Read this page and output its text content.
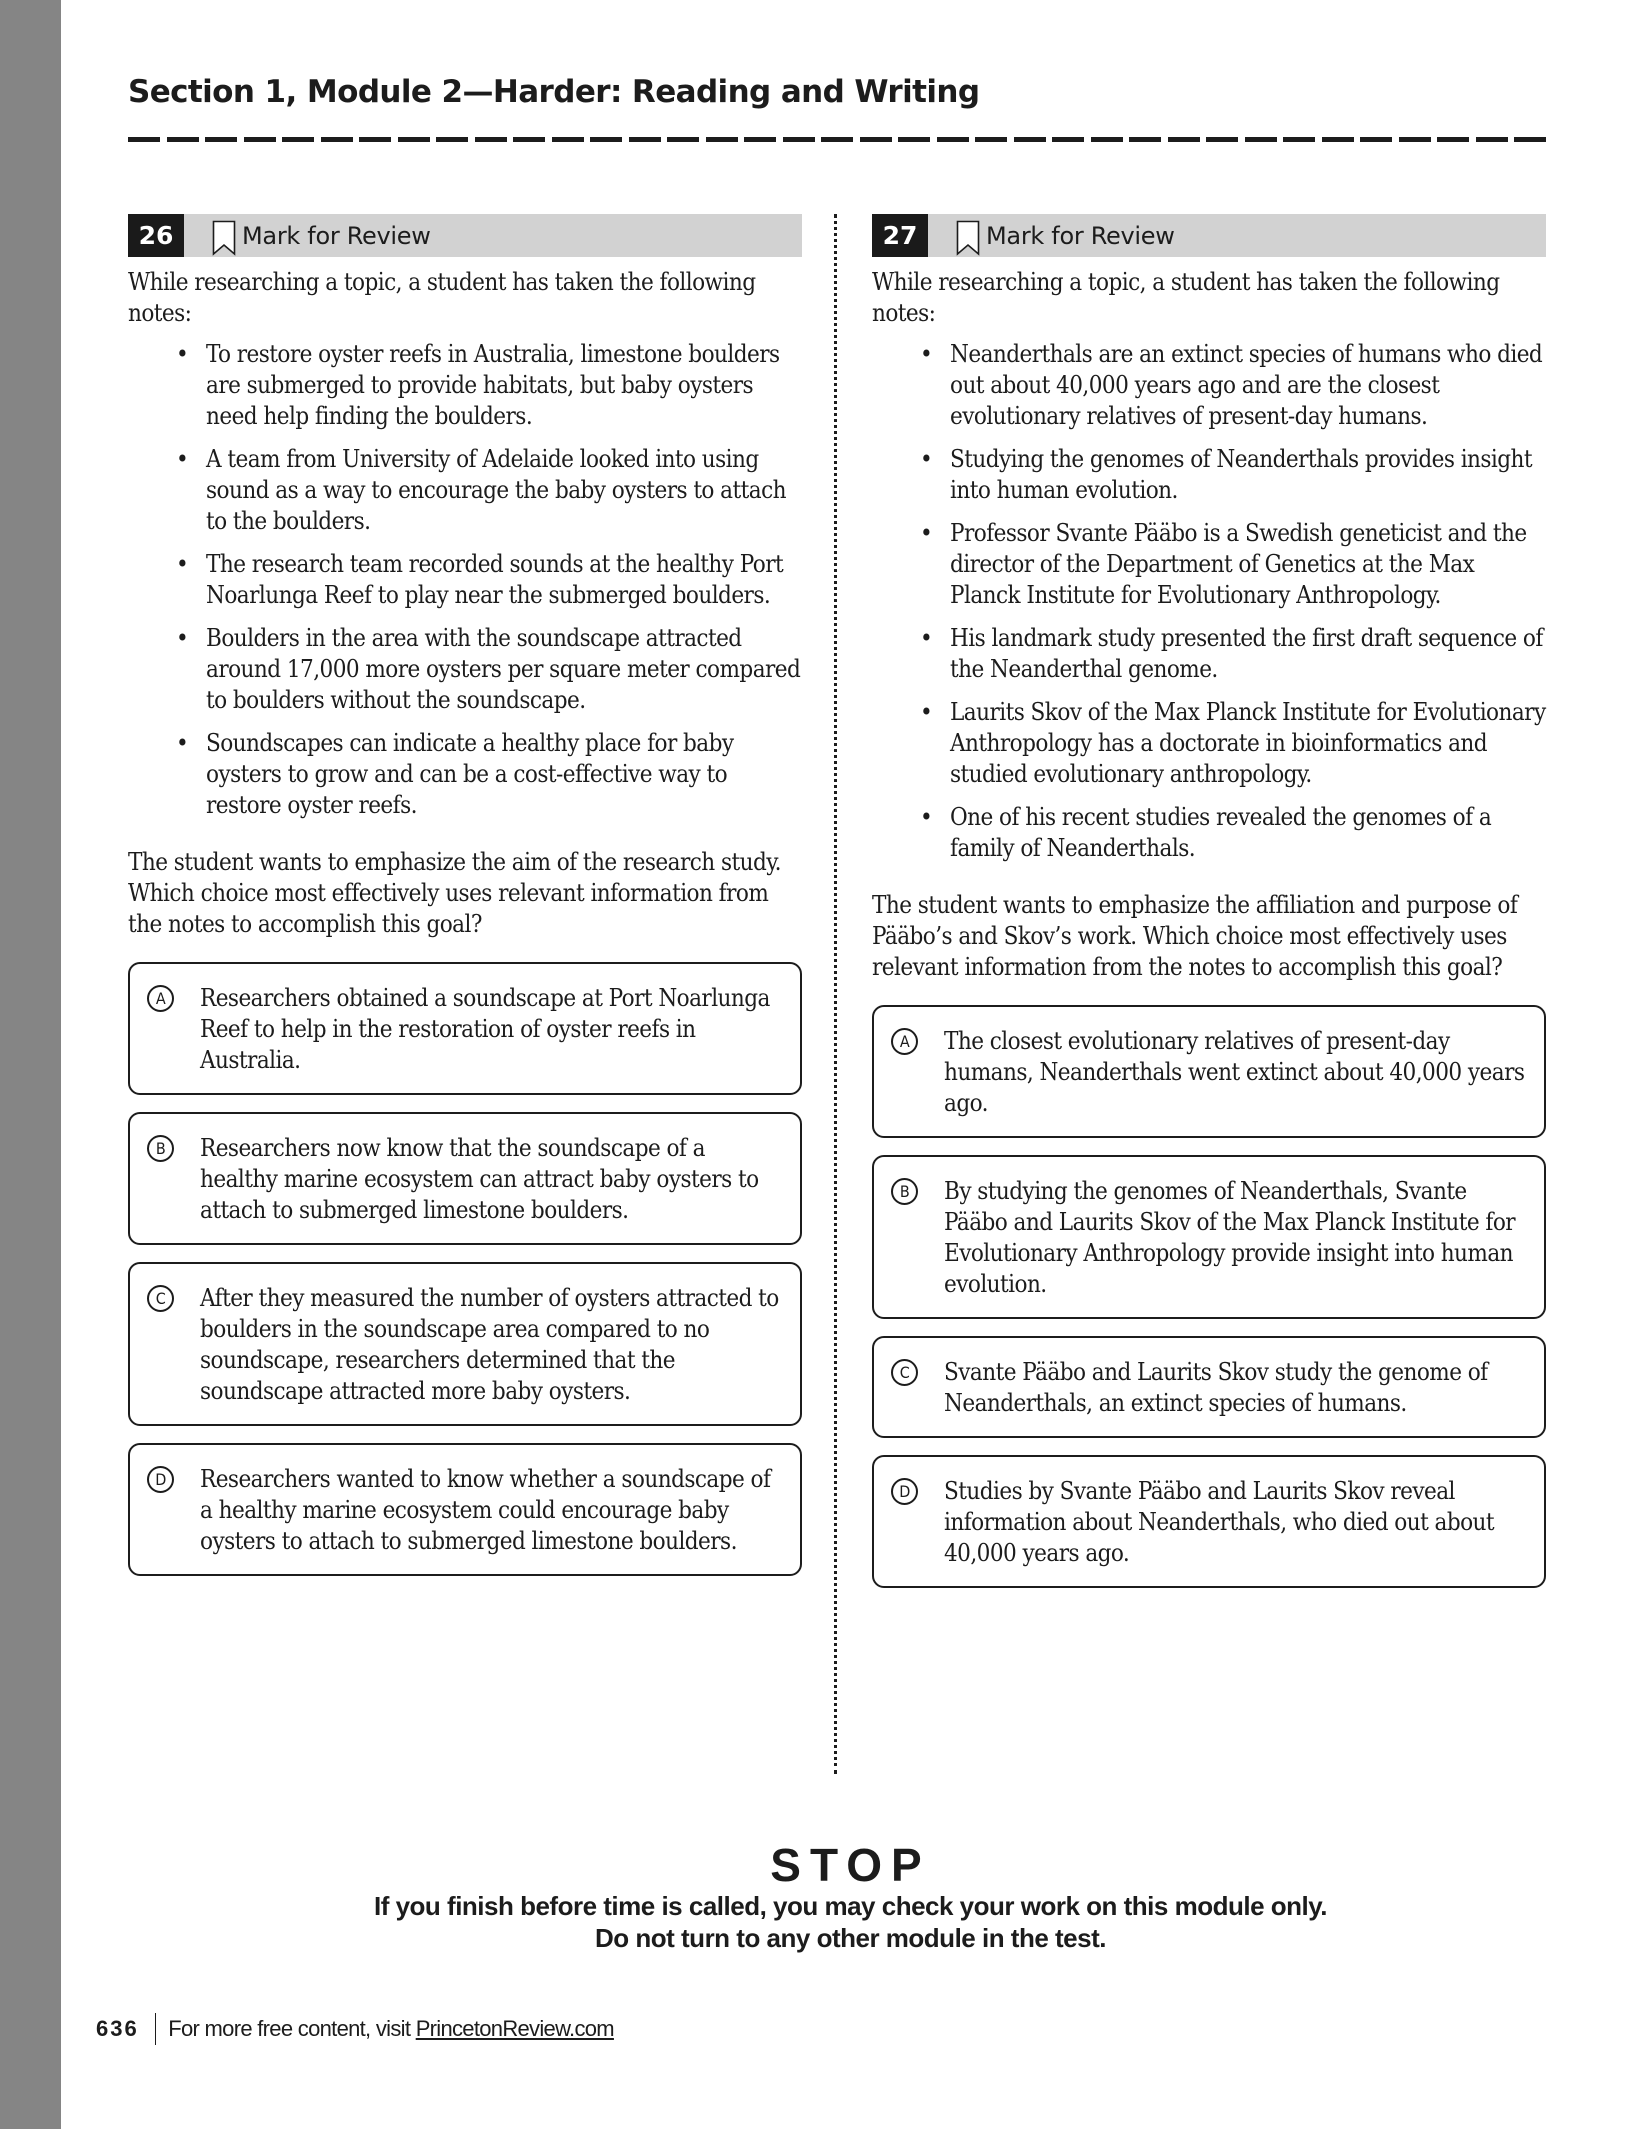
Section 1, Module 2—Harder: Reading and Writing
26	Mark for Review
While researching a topic, a student has taken the following notes:
• To restore oyster reefs in Australia, limestone boulders are submerged to provide habitats, but baby oysters need help finding the boulders.
• A team from University of Adelaide looked into using sound as a way to encourage the baby oysters to attach to the boulders.
• The research team recorded sounds at the healthy Port Noarlunga Reef to play near the submerged boulders.
• Boulders in the area with the soundscape attracted around 17,000 more oysters per square meter compared to boulders without the soundscape.
• Soundscapes can indicate a healthy place for baby oysters to grow and can be a cost-effective way to restore oyster reefs.
The student wants to emphasize the aim of the research study. Which choice most effectively uses relevant information from the notes to accomplish this goal?
A	Researchers obtained a soundscape at Port Noarlunga Reef to help in the restoration of oyster reefs in Australia.
B	Researchers now know that the soundscape of a healthy marine ecosystem can attract baby oysters to attach to submerged limestone boulders.
C	After they measured the number of oysters attracted to boulders in the soundscape area compared to no soundscape, researchers determined that the soundscape attracted more baby oysters.
D	Researchers wanted to know whether a soundscape of a healthy marine ecosystem could encourage baby oysters to attach to submerged limestone boulders.
27	Mark for Review
While researching a topic, a student has taken the following notes:
• Neanderthals are an extinct species of humans who died out about 40,000 years ago and are the closest evolutionary relatives of present-day humans.
• Studying the genomes of Neanderthals provides insight into human evolution.
• Professor Svante Pääbo is a Swedish geneticist and the director of the Department of Genetics at the Max Planck Institute for Evolutionary Anthropology.
• His landmark study presented the first draft sequence of the Neanderthal genome.
• Laurits Skov of the Max Planck Institute for Evolutionary Anthropology has a doctorate in bioinformatics and studied evolutionary anthropology.
• One of his recent studies revealed the genomes of a family of Neanderthals.
The student wants to emphasize the affiliation and purpose of Pääbo’s and Skov’s work. Which choice most effectively uses relevant information from the notes to accomplish this goal?
A	The closest evolutionary relatives of present-day humans, Neanderthals went extinct about 40,000 years ago.
B	By studying the genomes of Neanderthals, Svante Pääbo and Laurits Skov of the Max Planck Institute for Evolutionary Anthropology provide insight into human evolution.
C	Svante Pääbo and Laurits Skov study the genome of Neanderthals, an extinct species of humans.
D	Studies by Svante Pääbo and Laurits Skov reveal information about Neanderthals, who died out about 40,000 years ago.
STOP
If you finish before time is called, you may check your work on this module only.
Do not turn to any other module in the test.
636 For more free content, visit PrincetonReview.com
